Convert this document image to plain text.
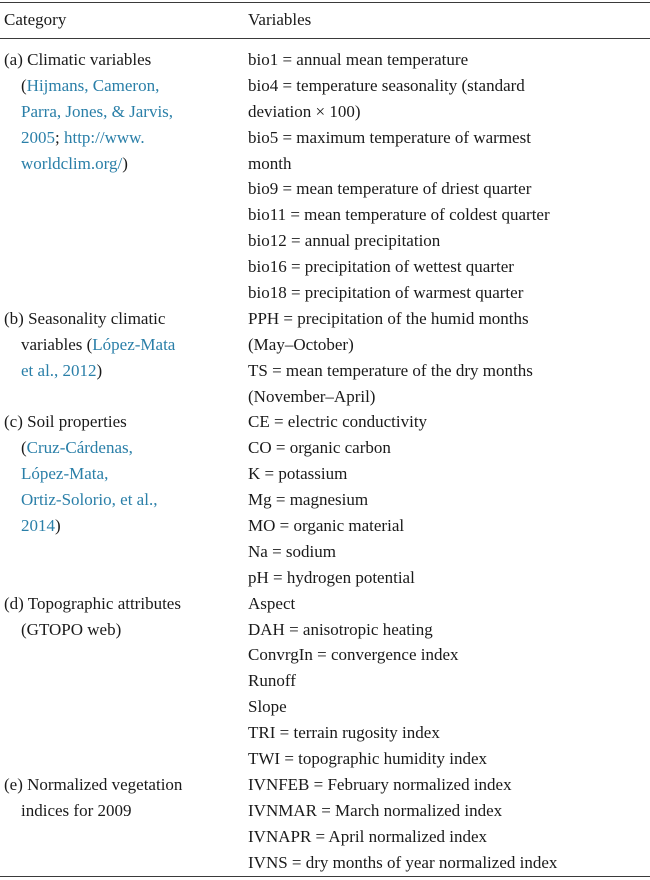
Category	Variables
(a) Climatic variables
(Hijmans, Cameron,
Parra, Jones, & Jarvis,
2005; http://www.
worldclim.org/)
bio1 = annual mean temperature
bio4 = temperature seasonality (standard
deviation × 100)
bio5 = maximum temperature of warmest
month
bio9 = mean temperature of driest quarter
bio11 = mean temperature of coldest quarter
bio12 = annual precipitation
bio16 = precipitation of wettest quarter
bio18 = precipitation of warmest quarter
(b) Seasonality climatic
variables (López-Mata
et al., 2012)
PPH = precipitation of the humid months
(May–October)
TS = mean temperature of the dry months
(November–April)
(c) Soil properties
(Cruz-Cárdenas,
López-Mata,
Ortiz-Solorio, et al.,
2014)
CE = electric conductivity
CO = organic carbon
K = potassium
Mg = magnesium
MO = organic material
Na = sodium
pH = hydrogen potential
(d) Topographic attributes
(GTOPO web)
Aspect
DAH = anisotropic heating
ConvrgIn = convergence index
Runoff
Slope
TRI = terrain rugosity index
TWI = topographic humidity index
(e) Normalized vegetation
indices for 2009
IVNFEB = February normalized index
IVNMAR = March normalized index
IVNAPR = April normalized index
IVNS = dry months of year normalized index
